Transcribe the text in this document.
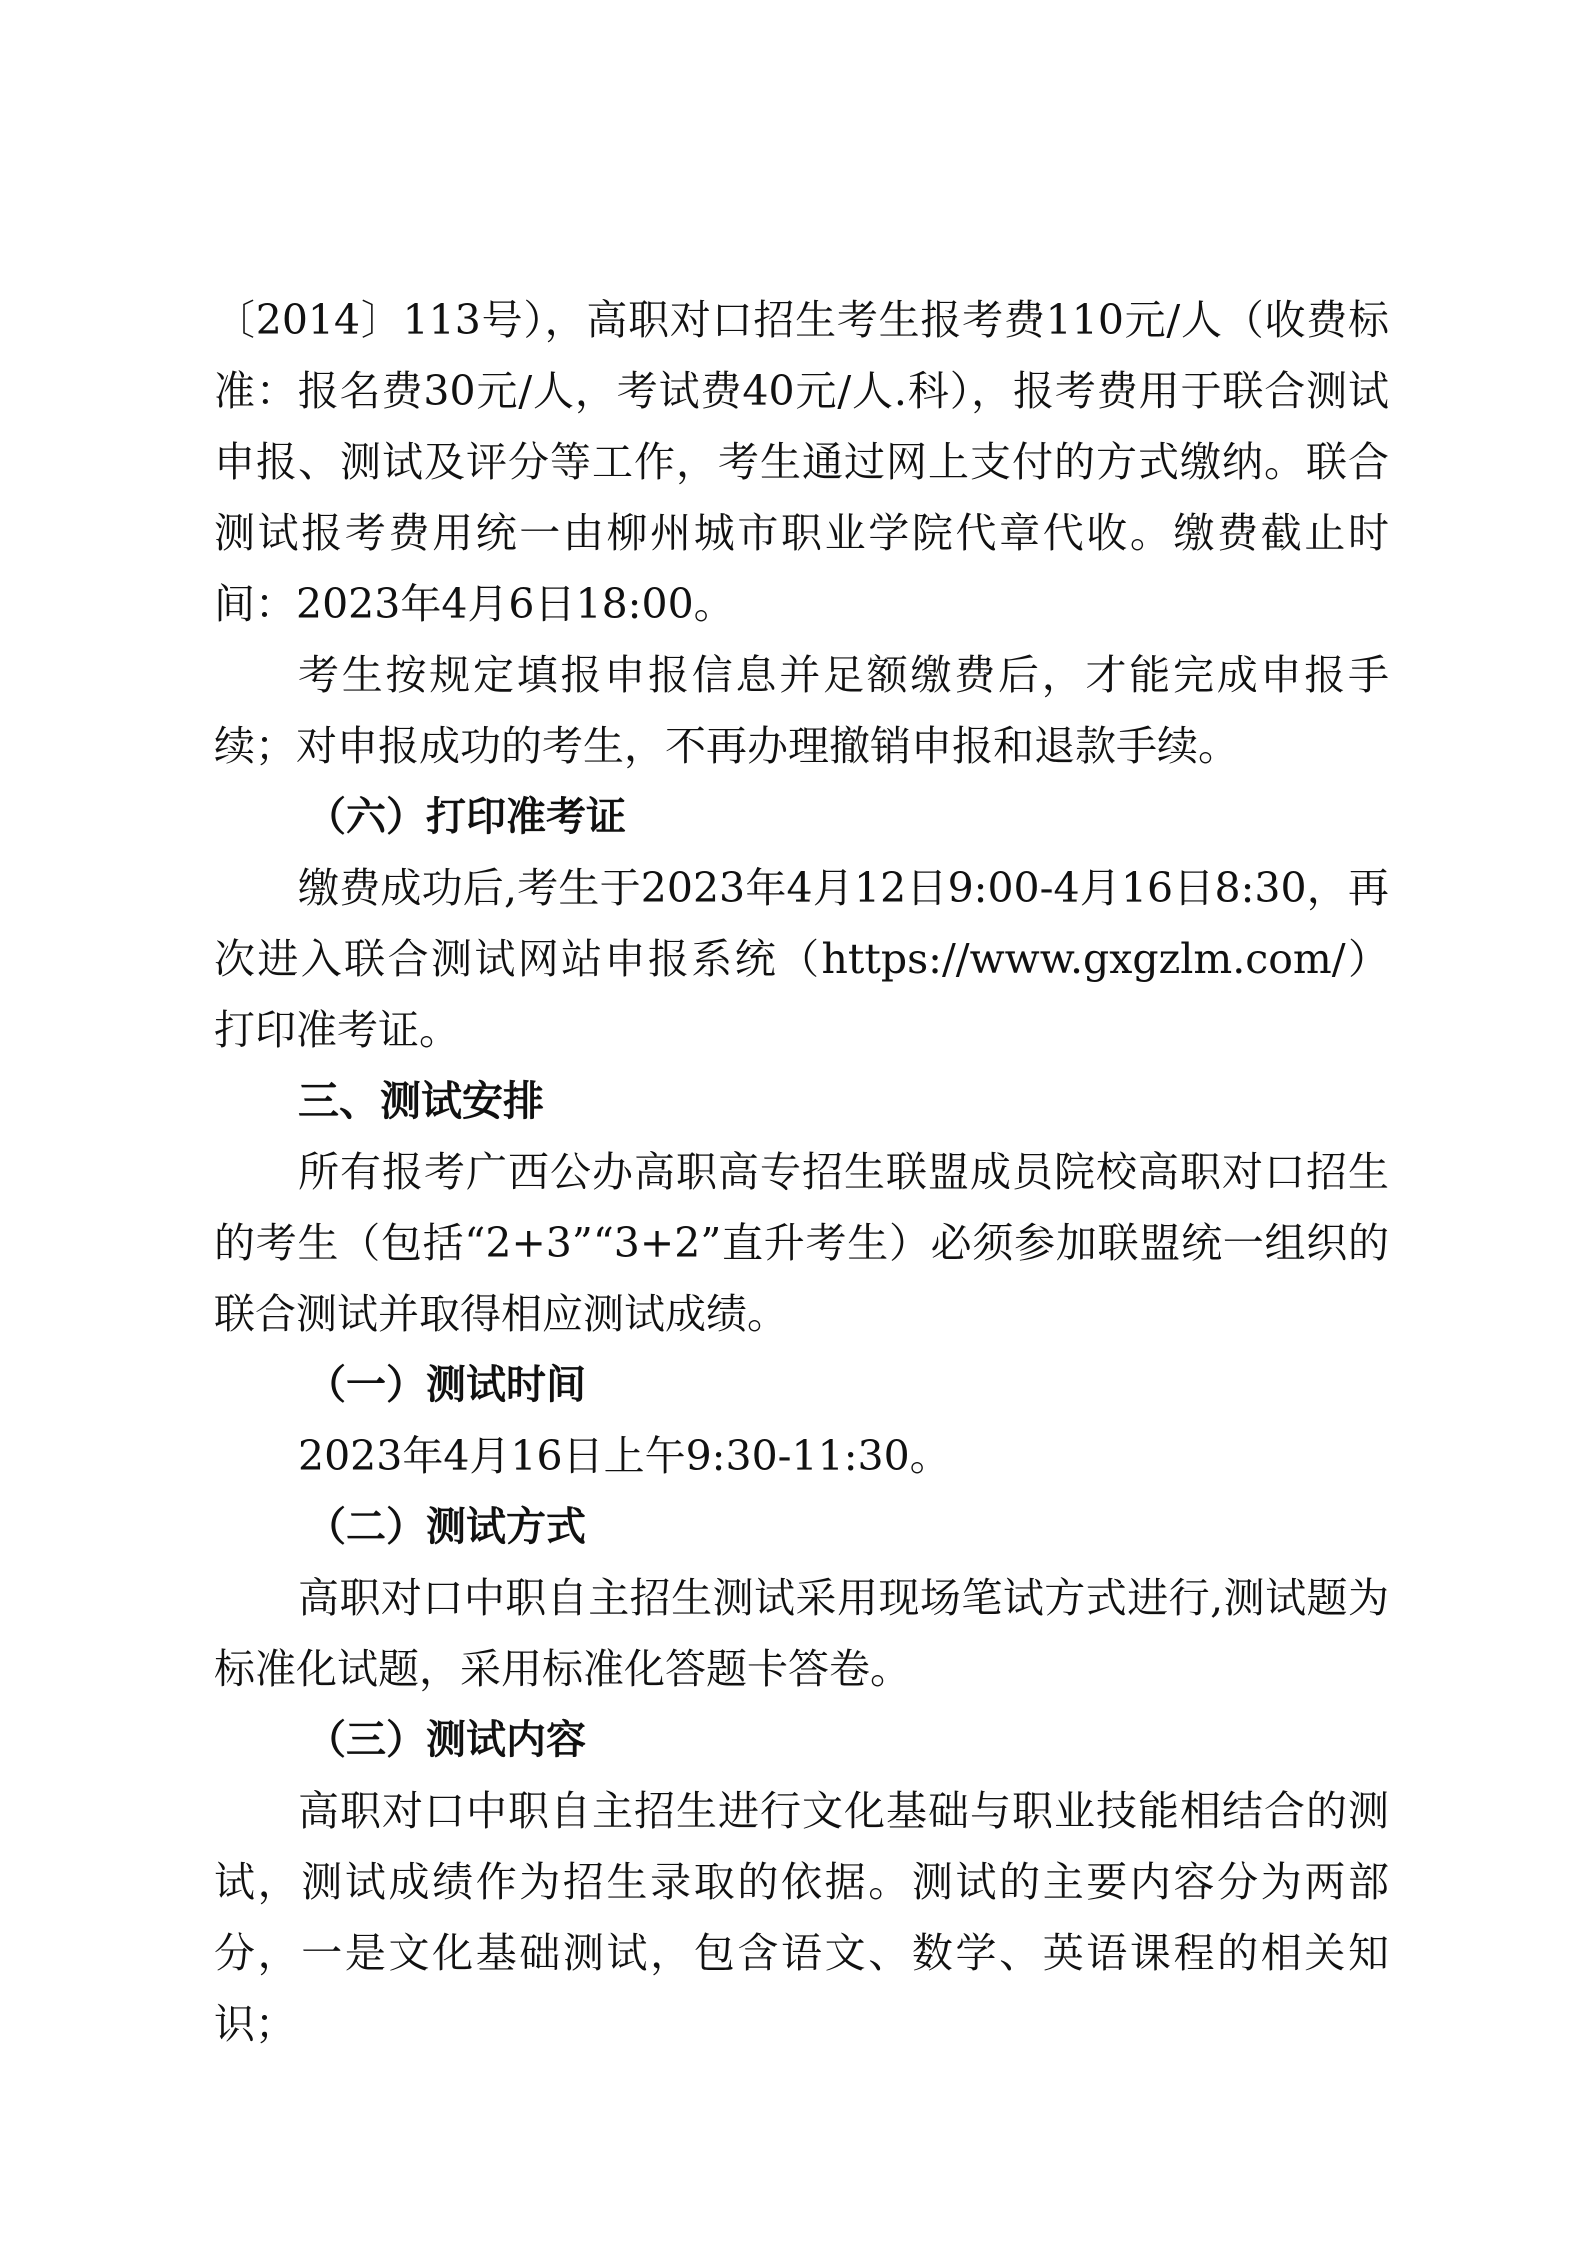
〔2014〕113号），高职对口招生考生报考费110元/人（收费标准：报名费30元/人，考试费40元/人.科），报考费用于联合测试申报、测试及评分等工作，考生通过网上支付的方式缴纳。联合测试报考费用统一由柳州城市职业学院代章代收。缴费截止时间：2023年4月6日18:00。

考生按规定填报申报信息并足额缴费后，才能完成申报手续；对申报成功的考生，不再办理撤销申报和退款手续。

（六）打印准考证

缴费成功后,考生于2023年4月12日9:00-4月16日8:30，再次进入联合测试网站申报系统（https://www.gxgzlm.com/）打印准考证。

三、测试安排

所有报考广西公办高职高专招生联盟成员院校高职对口招生的考生（包括“2+3”“3+2”直升考生）必须参加联盟统一组织的联合测试并取得相应测试成绩。

（一）测试时间

2023年4月16日上午9:30-11:30。

（二）测试方式

高职对口中职自主招生测试采用现场笔试方式进行,测试题为标准化试题，采用标准化答题卡答卷。

（三）测试内容

高职对口中职自主招生进行文化基础与职业技能相结合的测试，测试成绩作为招生录取的依据。测试的主要内容分为两部分，一是文化基础测试，包含语文、数学、英语课程的相关知识；
